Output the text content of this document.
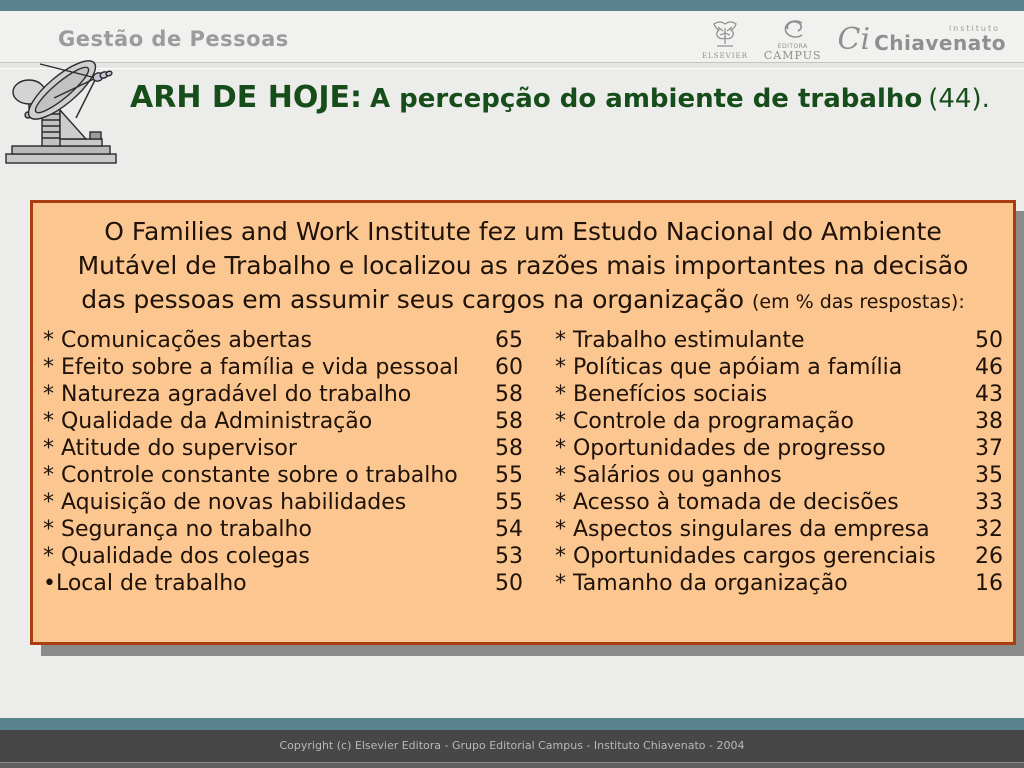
Gestão de Pessoas
ELSEVIER
EDITORA
CAMPUS Ci	instituto
Chiavenato
ARH DE HOJE: A percepção do ambiente de trabalho (44).
O Families and Work Institute fez um Estudo Nacional do Ambiente
Mutável de Trabalho e localizou as razões mais importantes na decisão
das pessoas em assumir seus cargos na organização (em % das respostas):
* Comunicações abertas	65
* Efeito sobre a família e vida pessoal 60
* Natureza agradável do trabalho	58
* Qualidade da Administração	58
* Atitude do supervisor	58
* Controle constante sobre o trabalho 55
* Aquisição de novas habilidades	55
* Segurança no trabalho	54
* Qualidade dos colegas	53
•Local de trabalho	50
* Trabalho estimulante	50
* Políticas que apóiam a família	46
* Benefícios sociais	43
* Controle da programação	38
* Oportunidades de progresso	37
* Salários ou ganhos	35
* Acesso à tomada de decisões	33
* Aspectos singulares da empresa 32
* Oportunidades cargos gerenciais 26
* Tamanho da organização	16
Copyright (c) Elsevier Editora - Grupo Editorial Campus - Instituto Chiavenato - 2004
